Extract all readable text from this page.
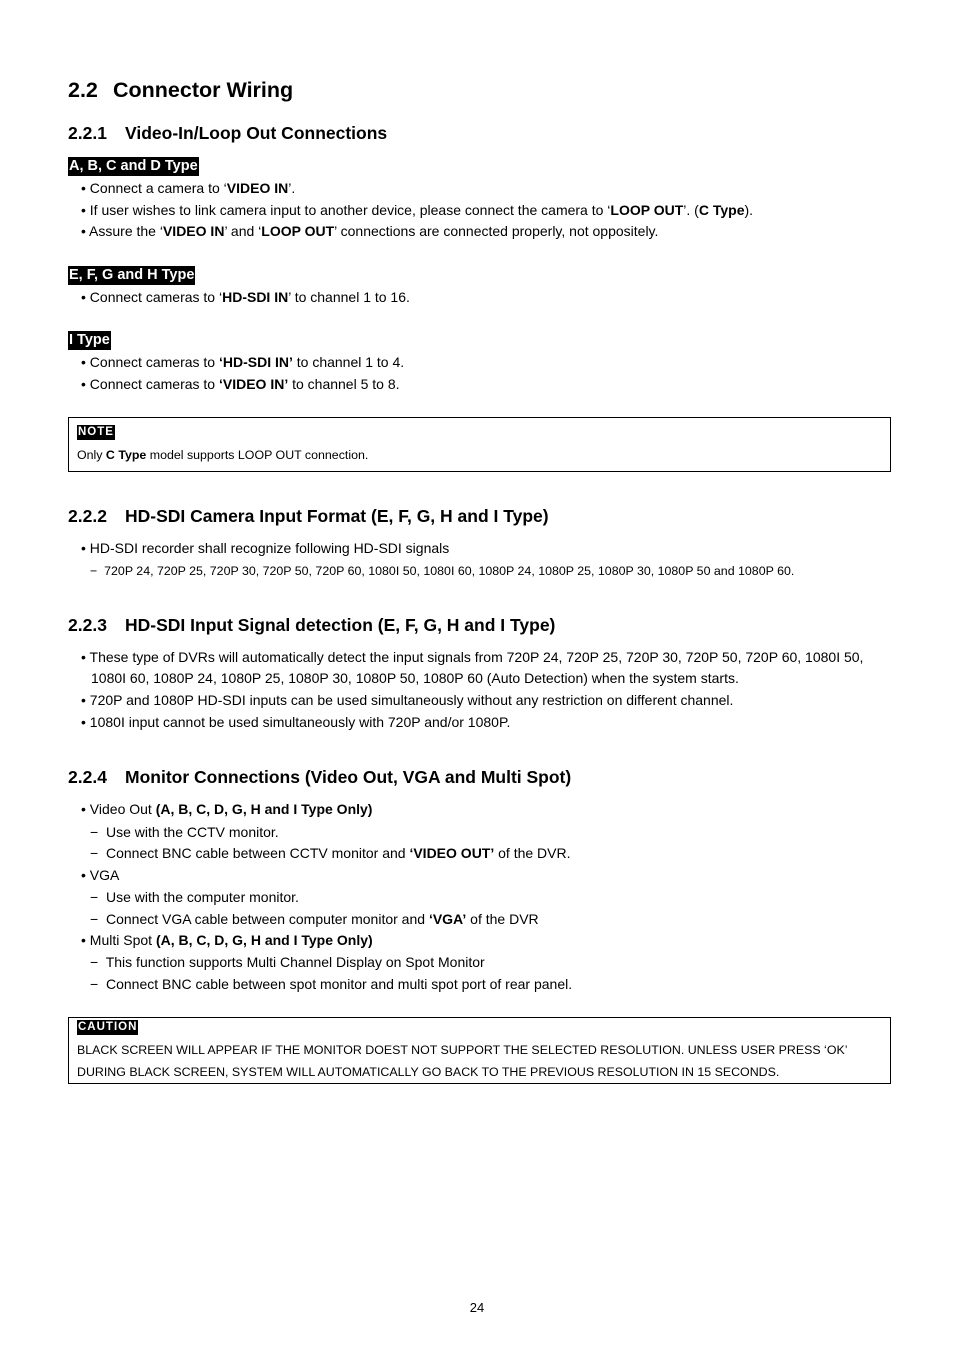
2.2 Connector Wiring
2.2.1 Video-In/Loop Out Connections
A, B, C and D Type
• Connect a camera to ‘VIDEO IN’.
• If user wishes to link camera input to another device, please connect the camera to ‘LOOP OUT’. (C Type).
• Assure the ‘VIDEO IN’ and ‘LOOP OUT’ connections are connected properly, not oppositely.
E, F, G and H Type
• Connect cameras to ‘HD-SDI IN’ to channel 1 to 16.
I Type
• Connect cameras to ‘HD-SDI IN’ to channel 1 to 4.
• Connect cameras to ‘VIDEO IN’ to channel 5 to 8.
NOTE
Only C Type model supports LOOP OUT connection.
2.2.2 HD-SDI Camera Input Format (E, F, G, H and I Type)
• HD-SDI recorder shall recognize following HD-SDI signals
− 720P 24, 720P 25, 720P 30, 720P 50, 720P 60, 1080I 50, 1080I 60, 1080P 24, 1080P 25, 1080P 30, 1080P 50 and 1080P 60.
2.2.3 HD-SDI Input Signal detection (E, F, G, H and I Type)
• These type of DVRs will automatically detect the input signals from 720P 24, 720P 25, 720P 30, 720P 50, 720P 60, 1080I 50,
1080I 60, 1080P 24, 1080P 25, 1080P 30, 1080P 50, 1080P 60 (Auto Detection) when the system starts.
• 720P and 1080P HD-SDI inputs can be used simultaneously without any restriction on different channel.
• 1080I input cannot be used simultaneously with 720P and/or 1080P.
2.2.4 Monitor Connections (Video Out, VGA and Multi Spot)
• Video Out (A, B, C, D, G, H and I Type Only)
− Use with the CCTV monitor.
− Connect BNC cable between CCTV monitor and ‘VIDEO OUT’ of the DVR.
• VGA
− Use with the computer monitor.
− Connect VGA cable between computer monitor and ‘VGA’ of the DVR
• Multi Spot (A, B, C, D, G, H and I Type Only)
− This function supports Multi Channel Display on Spot Monitor
− Connect BNC cable between spot monitor and multi spot port of rear panel.
CAUTION
BLACK SCREEN WILL APPEAR IF THE MONITOR DOEST NOT SUPPORT THE SELECTED RESOLUTION. UNLESS USER PRESS ‘OK’
DURING BLACK SCREEN, SYSTEM WILL AUTOMATICALLY GO BACK TO THE PREVIOUS RESOLUTION IN 15 SECONDS.
24
